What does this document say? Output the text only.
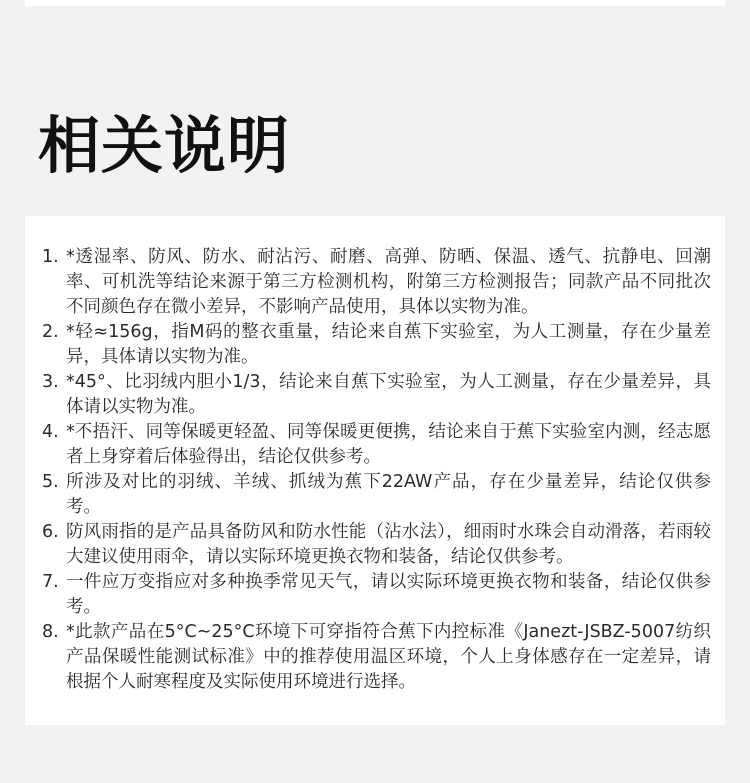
相关说明
1. *透湿率、防风、防水、耐沾污、耐磨、高弹、防晒、保温、透气、抗静电、回潮率、可机洗等结论来源于第三方检测机构，附第三方检测报告；同款产品不同批次不同颜色存在微小差异，不影响产品使用，具体以实物为准。
2. *轻≈156g，指M码的整衣重量，结论来自蕉下实验室，为人工测量，存在少量差异，具体请以实物为准。
3. *45°、比羽绒内胆小1/3，结论来自蕉下实验室，为人工测量，存在少量差异，具体请以实物为准。
4. *不捂汗、同等保暖更轻盈、同等保暖更便携，结论来自于蕉下实验室内测，经志愿者上身穿着后体验得出，结论仅供参考。
5. 所涉及对比的羽绒、羊绒、抓绒为蕉下22AW产品，存在少量差异，结论仅供参考。
6. 防风雨指的是产品具备防风和防水性能（沾水法），细雨时水珠会自动滑落，若雨较大建议使用雨伞，请以实际环境更换衣物和装备，结论仅供参考。
7. 一件应万变指应对多种换季常见天气，请以实际环境更换衣物和装备，结论仅供参考。
8. *此款产品在5°C~25°C环境下可穿指符合蕉下内控标准《Janezt-JSBZ-5007纺织产品保暖性能测试标准》中的推荐使用温区环境，个人上身体感存在一定差异，请根据个人耐寒程度及实际使用环境进行选择。
